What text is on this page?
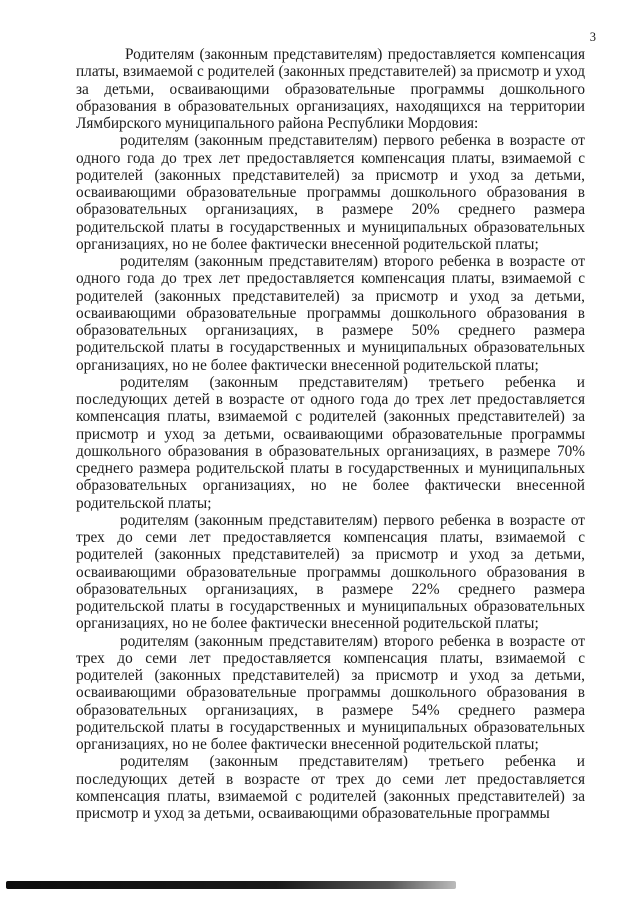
3

Родителям (законным представителям) предоставляется компенсация платы, взимаемой с родителей (законных представителей) за присмотр и уход за детьми, осваивающими образовательные программы дошкольного образования в образовательных организациях, находящихся на территории Лямбирского муниципального района Республики Мордовия:

родителям (законным представителям) первого ребенка в возрасте от одного года до трех лет предоставляется компенсация платы, взимаемой с родителей (законных представителей) за присмотр и уход за детьми, осваивающими образовательные программы дошкольного образования в образовательных организациях, в размере 20% среднего размера родительской платы в государственных и муниципальных образовательных организациях, но не более фактически внесенной родительской платы;

родителям (законным представителям) второго ребенка в возрасте от одного года до трех лет предоставляется компенсация платы, взимаемой с родителей (законных представителей) за присмотр и уход за детьми, осваивающими образовательные программы дошкольного образования в образовательных организациях, в размере 50% среднего размера родительской платы в государственных и муниципальных образовательных организациях, но не более фактически внесенной родительской платы;

родителям (законным представителям) третьего ребенка и последующих детей в возрасте от одного года до трех лет предоставляется компенсация платы, взимаемой с родителей (законных представителей) за присмотр и уход за детьми, осваивающими образовательные программы дошкольного образования в образовательных организациях, в размере 70% среднего размера родительской платы в государственных и муниципальных образовательных организациях, но не более фактически внесенной родительской платы;

родителям (законным представителям) первого ребенка в возрасте от трех до семи лет предоставляется компенсация платы, взимаемой с родителей (законных представителей) за присмотр и уход за детьми, осваивающими образовательные программы дошкольного образования в образовательных организациях, в размере 22% среднего размера родительской платы в государственных и муниципальных образовательных организациях, но не более фактически внесенной родительской платы;

родителям (законным представителям) второго ребенка в возрасте от трех до семи лет предоставляется компенсация платы, взимаемой с родителей (законных представителей) за присмотр и уход за детьми, осваивающими образовательные программы дошкольного образования в образовательных организациях, в размере 54% среднего размера родительской платы в государственных и муниципальных образовательных организациях, но не более фактически внесенной родительской платы;

родителям (законным представителям) третьего ребенка и последующих детей в возрасте от трех до семи лет предоставляется компенсация платы, взимаемой с родителей (законных представителей) за присмотр и уход за детьми, осваивающими образовательные программы
